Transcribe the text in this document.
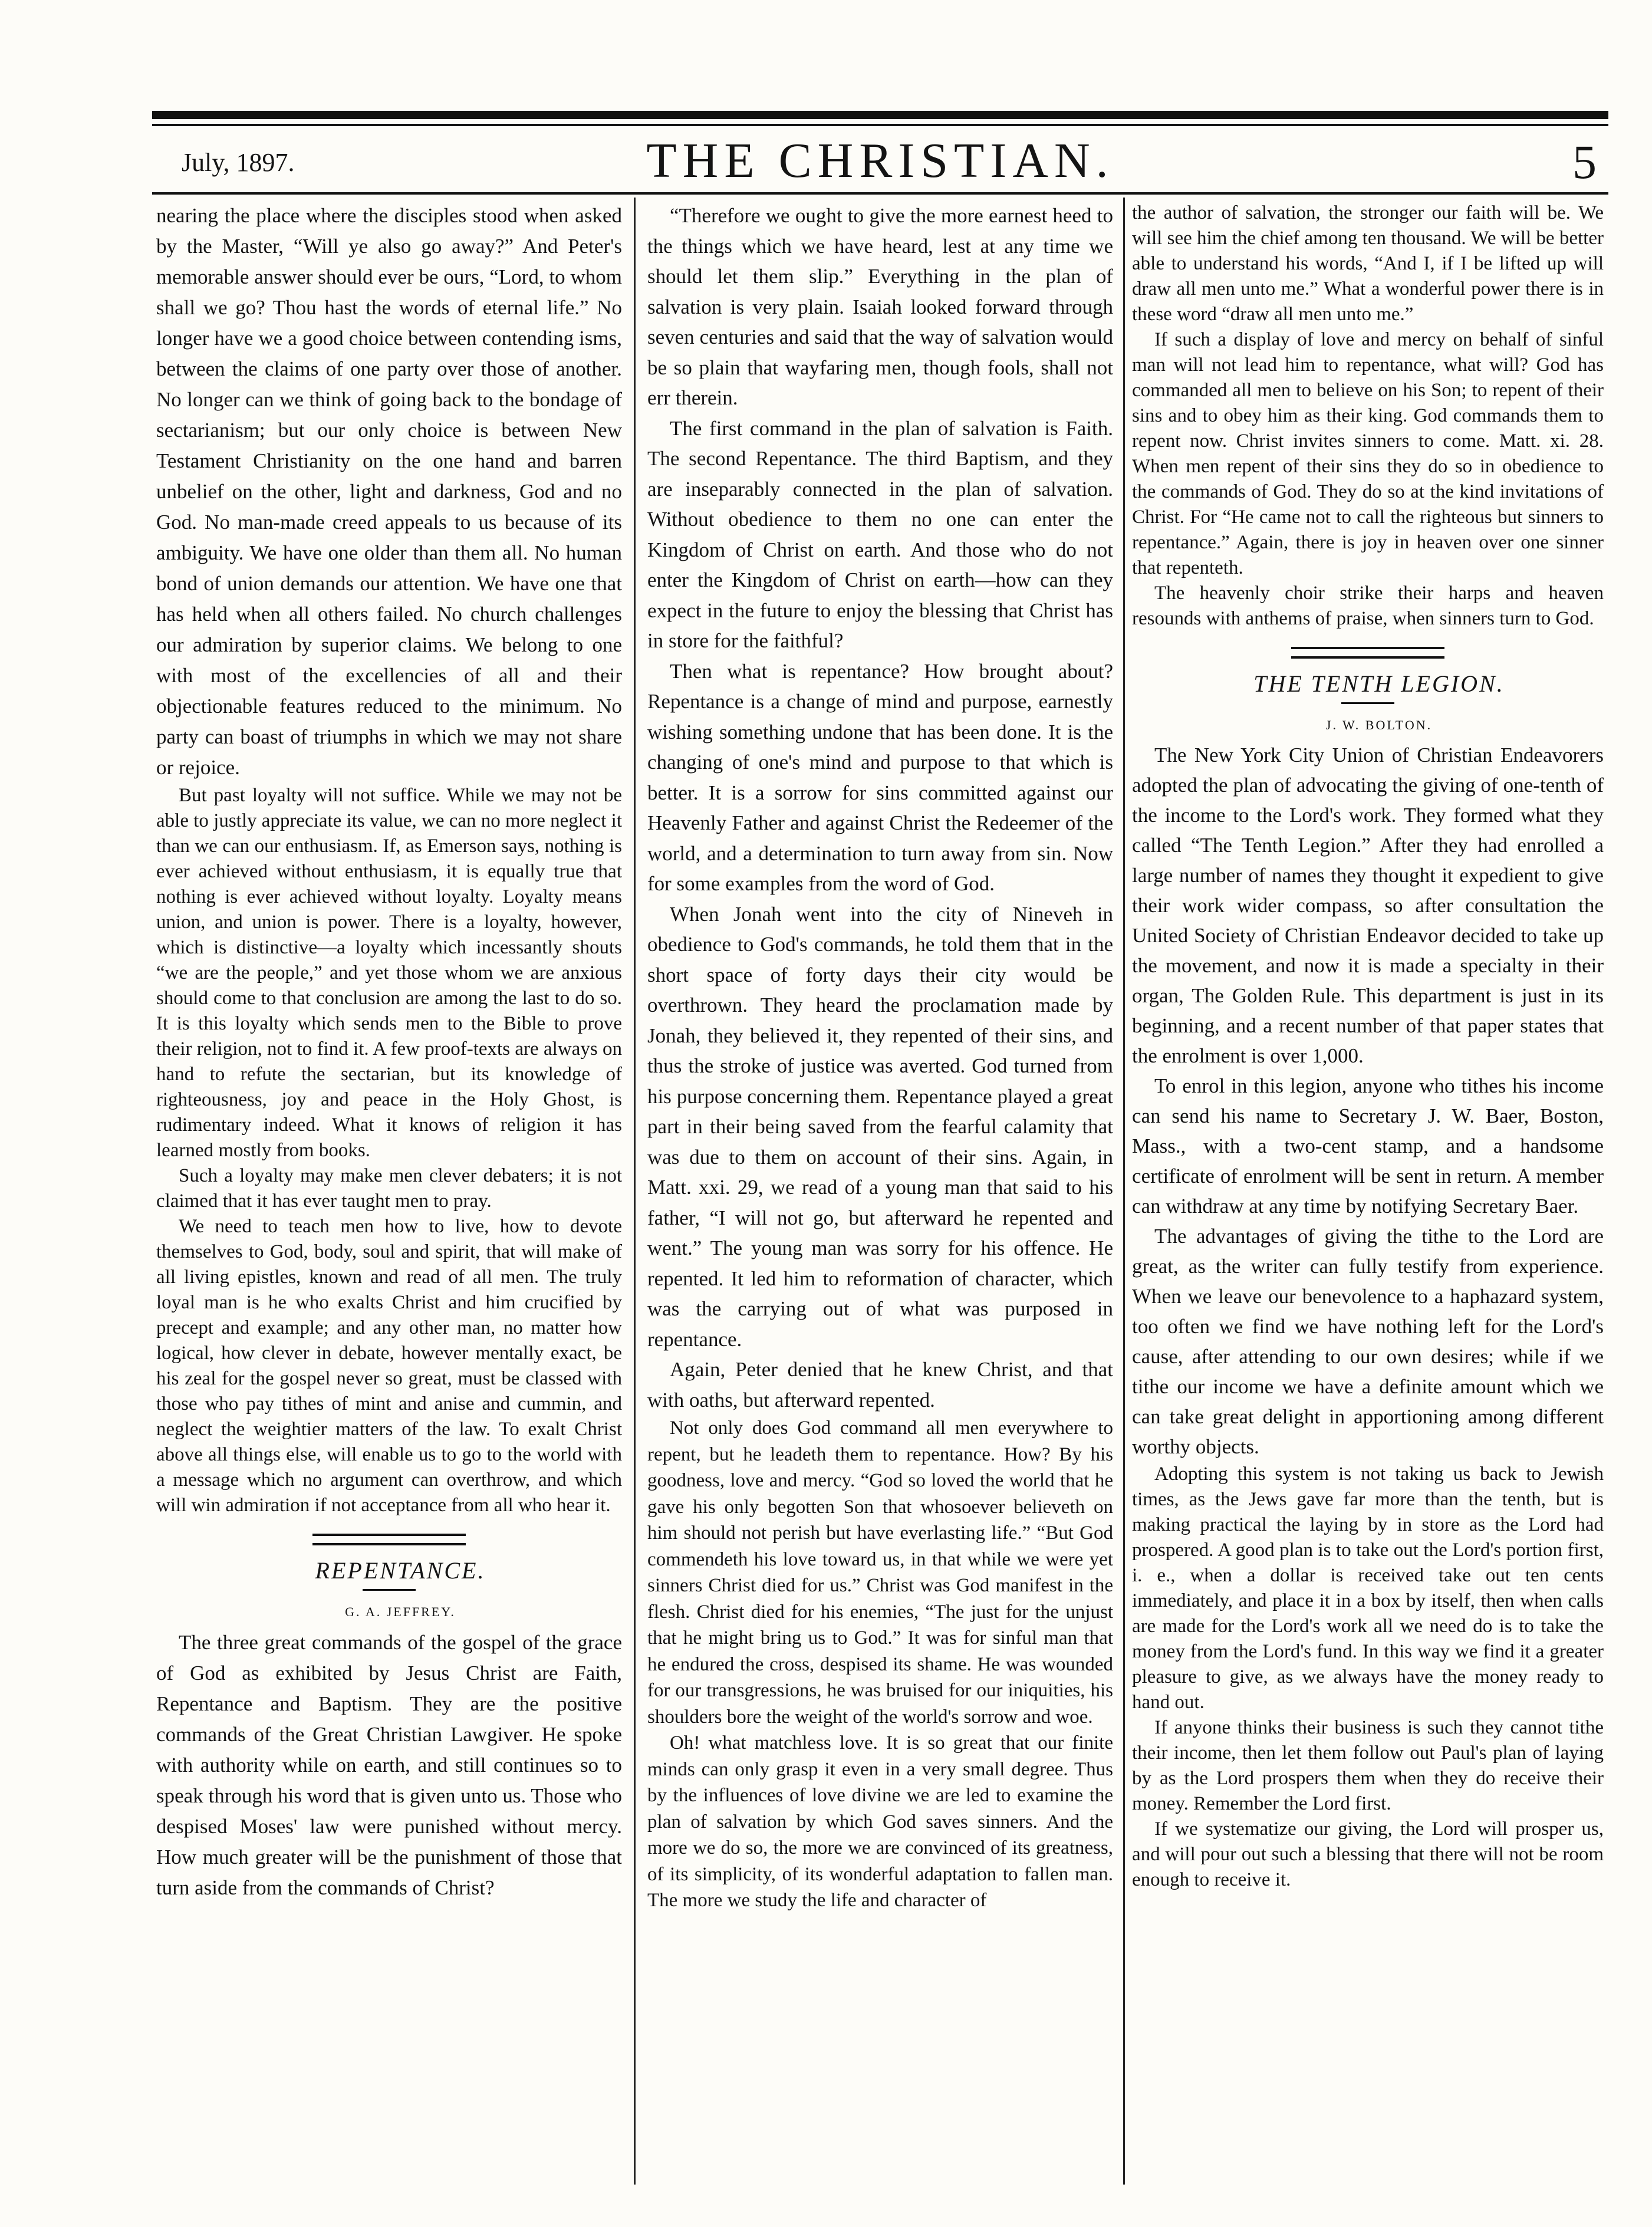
July, 1897.	THE CHRISTIAN.	5

nearing the place where the disciples stood when asked by the Master, “Will ye also go away?” And Peter's memorable answer should ever be ours, “Lord, to whom shall we go? Thou hast the words of eternal life.” No longer have we a good choice between contending isms, between the claims of one party over those of another. No longer can we think of going back to the bondage of sectarianism; but our only choice is between New Testament Christianity on the one hand and barren unbelief on the other, light and darkness, God and no God. No man-made creed appeals to us because of its ambiguity. We have one older than them all. No human bond of union demands our attention. We have one that has held when all others failed. No church challenges our admiration by superior claims. We belong to one with most of the excellencies of all and their objectionable features reduced to the minimum. No party can boast of triumphs in which we may not share or rejoice.

But past loyalty will not suffice. While we may not be able to justly appreciate its value, we can no more neglect it than we can our enthusiasm. If, as Emerson says, nothing is ever achieved without enthusiasm, it is equally true that nothing is ever achieved without loyalty. Loyalty means union, and union is power. There is a loyalty, however, which is distinctive—a loyalty which incessantly shouts “we are the people,” and yet those whom we are anxious should come to that conclusion are among the last to do so. It is this loyalty which sends men to the Bible to prove their religion, not to find it. A few proof-texts are always on hand to refute the sectarian, but its knowledge of righteousness, joy and peace in the Holy Ghost, is rudimentary indeed. What it knows of religion it has learned mostly from books.

Such a loyalty may make men clever debaters; it is not claimed that it has ever taught men to pray.

We need to teach men how to live, how to devote themselves to God, body, soul and spirit, that will make of all living epistles, known and read of all men. The truly loyal man is he who exalts Christ and him crucified by precept and example; and any other man, no matter how logical, how clever in debate, however mentally exact, be his zeal for the gospel never so great, must be classed with those who pay tithes of mint and anise and cummin, and neglect the weightier matters of the law. To exalt Christ above all things else, will enable us to go to the world with a message which no argument can overthrow, and which will win admiration if not acceptance from all who hear it.

REPENTANCE.

G. A. JEFFREY.

The three great commands of the gospel of the grace of God as exhibited by Jesus Christ are Faith, Repentance and Baptism. They are the positive commands of the Great Christian Lawgiver. He spoke with authority while on earth, and still continues so to speak through his word that is given unto us. Those who despised Moses' law were punished without mercy. How much greater will be the punishment of those that turn aside from the commands of Christ?

“Therefore we ought to give the more earnest heed to the things which we have heard, lest at any time we should let them slip.” Everything in the plan of salvation is very plain. Isaiah looked forward through seven centuries and said that the way of salvation would be so plain that wayfaring men, though fools, shall not err therein.

The first command in the plan of salvation is Faith. The second Repentance. The third Baptism, and they are inseparably connected in the plan of salvation. Without obedience to them no one can enter the Kingdom of Christ on earth. And those who do not enter the Kingdom of Christ on earth—how can they expect in the future to enjoy the blessing that Christ has in store for the faithful?

Then what is repentance? How brought about? Repentance is a change of mind and purpose, earnestly wishing something undone that has been done. It is the changing of one's mind and purpose to that which is better. It is a sorrow for sins committed against our Heavenly Father and against Christ the Redeemer of the world, and a determination to turn away from sin. Now for some examples from the word of God.

When Jonah went into the city of Nineveh in obedience to God's commands, he told them that in the short space of forty days their city would be overthrown. They heard the proclamation made by Jonah, they believed it, they repented of their sins, and thus the stroke of justice was averted. God turned from his purpose concerning them. Repentance played a great part in their being saved from the fearful calamity that was due to them on account of their sins. Again, in Matt. xxi. 29, we read of a young man that said to his father, “I will not go, but afterward he repented and went.” The young man was sorry for his offence. He repented. It led him to reformation of character, which was the carrying out of what was purposed in repentance.

Again, Peter denied that he knew Christ, and that with oaths, but afterward repented.

Not only does God command all men everywhere to repent, but he leadeth them to repentance. How? By his goodness, love and mercy. “God so loved the world that he gave his only begotten Son that whosoever believeth on him should not perish but have everlasting life.” “But God commendeth his love toward us, in that while we were yet sinners Christ died for us.” Christ was God manifest in the flesh. Christ died for his enemies, “The just for the unjust that he might bring us to God.” It was for sinful man that he endured the cross, despised its shame. He was wounded for our transgressions, he was bruised for our iniquities, his shoulders bore the weight of the world's sorrow and woe.

Oh! what matchless love. It is so great that our finite minds can only grasp it even in a very small degree. Thus by the influences of love divine we are led to examine the plan of salvation by which God saves sinners. And the more we do so, the more we are convinced of its greatness, of its simplicity, of its wonderful adaptation to fallen man. The more we study the life and character of

the author of salvation, the stronger our faith will be. We will see him the chief among ten thousand. We will be better able to understand his words, “And I, if I be lifted up will draw all men unto me.” What a wonderful power there is in these word “draw all men unto me.”

If such a display of love and mercy on behalf of sinful man will not lead him to repentance, what will? God has commanded all men to believe on his Son; to repent of their sins and to obey him as their king. God commands them to repent now. Christ invites sinners to come. Matt. xi. 28. When men repent of their sins they do so in obedience to the commands of God. They do so at the kind invitations of Christ. For “He came not to call the righteous but sinners to repentance.” Again, there is joy in heaven over one sinner that repenteth.

The heavenly choir strike their harps and heaven resounds with anthems of praise, when sinners turn to God.

THE TENTH LEGION.

J. W. BOLTON.

The New York City Union of Christian Endeavorers adopted the plan of advocating the giving of one-tenth of the income to the Lord's work. They formed what they called “The Tenth Legion.” After they had enrolled a large number of names they thought it expedient to give their work wider compass, so after consultation the United Society of Christian Endeavor decided to take up the movement, and now it is made a specialty in their organ, The Golden Rule. This department is just in its beginning, and a recent number of that paper states that the enrolment is over 1,000.

To enrol in this legion, anyone who tithes his income can send his name to Secretary J. W. Baer, Boston, Mass., with a two-cent stamp, and a handsome certificate of enrolment will be sent in return. A member can withdraw at any time by notifying Secretary Baer.

The advantages of giving the tithe to the Lord are great, as the writer can fully testify from experience. When we leave our benevolence to a haphazard system, too often we find we have nothing left for the Lord's cause, after attending to our own desires; while if we tithe our income we have a definite amount which we can take great delight in apportioning among different worthy objects.

Adopting this system is not taking us back to Jewish times, as the Jews gave far more than the tenth, but is making practical the laying by in store as the Lord had prospered. A good plan is to take out the Lord's portion first, i. e., when a dollar is received take out ten cents immediately, and place it in a box by itself, then when calls are made for the Lord's work all we need do is to take the money from the Lord's fund. In this way we find it a greater pleasure to give, as we always have the money ready to hand out.

If anyone thinks their business is such they cannot tithe their income, then let them follow out Paul's plan of laying by as the Lord prospers them when they do receive their money. Remember the Lord first.

If we systematize our giving, the Lord will prosper us, and will pour out such a blessing that there will not be room enough to receive it.
